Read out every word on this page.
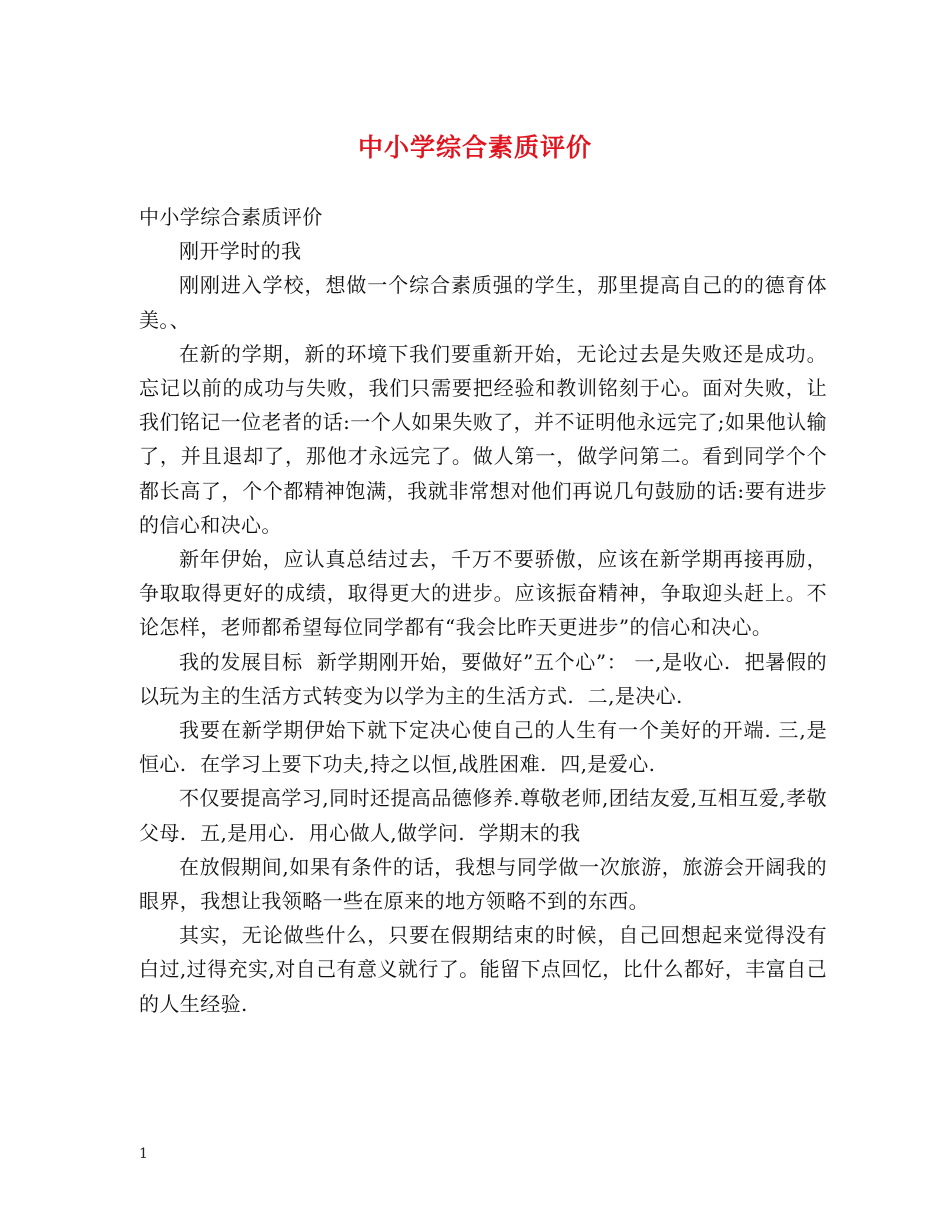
中小学综合素质评价

中小学综合素质评价

刚开学时的我

刚刚进入学校，想做一个综合素质强的学生，那里提高自己的的德育体美。、

在新的学期，新的环境下我们要重新开始，无论过去是失败还是成功。忘记以前的成功与失败，我们只需要把经验和教训铭刻于心。面对失败，让我们铭记一位老者的话:一个人如果失败了，并不证明他永远完了;如果他认输了，并且退却了，那他才永远完了。做人第一，做学问第二。看到同学个个都长高了，个个都精神饱满，我就非常想对他们再说几句鼓励的话:要有进步的信心和决心。

新年伊始，应认真总结过去，千万不要骄傲，应该在新学期再接再励，争取取得更好的成绩，取得更大的进步。应该振奋精神，争取迎头赶上。不论怎样，老师都希望每位同学都有“我会比昨天更进步”的信心和决心。

我的发展目标  新学期刚开始，要做好”五个心”： 一,是收心.  把暑假的以玩为主的生活方式转变为以学为主的生活方式.  二,是决心.

我要在新学期伊始下就下定决心使自己的人生有一个美好的开端. 三,是恒心.  在学习上要下功夫,持之以恒,战胜困难.  四,是爱心.

不仅要提高学习,同时还提高品德修养.尊敬老师,团结友爱,互相互爱,孝敬父母.  五,是用心.  用心做人,做学问.  学期末的我

在放假期间,如果有条件的话，我想与同学做一次旅游，旅游会开阔我的眼界，我想让我领略一些在原来的地方领略不到的东西。

其实，无论做些什么，只要在假期结束的时候，自己回想起来觉得没有白过,过得充实,对自己有意义就行了。能留下点回忆，比什么都好，丰富自己的人生经验.

1
